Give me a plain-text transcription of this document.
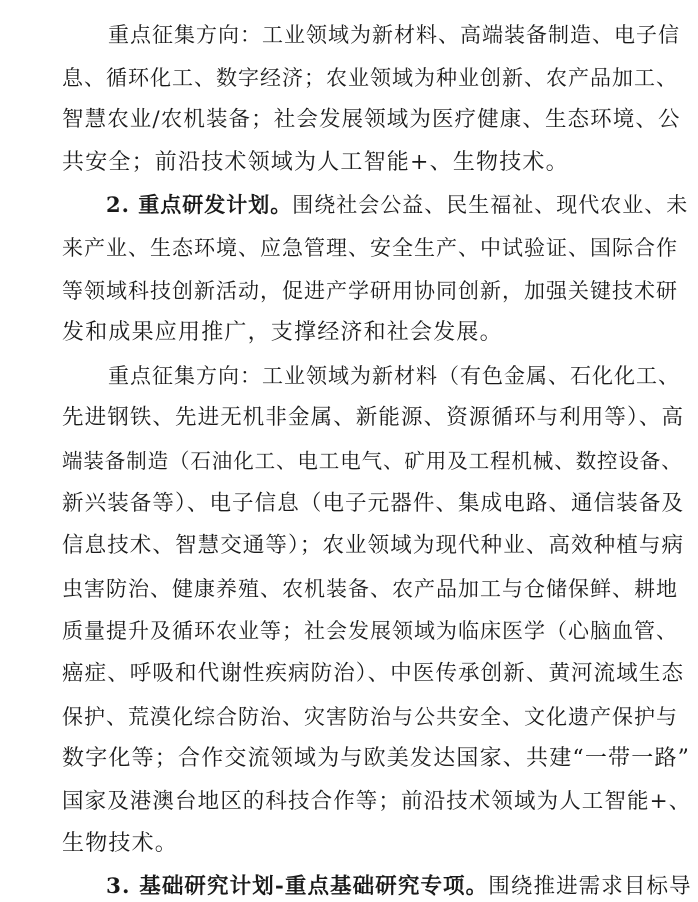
重点征集方向：工业领域为新材料、高端装备制造、电子信
息、循环化工、数字经济；农业领域为种业创新、农产品加工、
智慧农业/农机装备；社会发展领域为医疗健康、生态环境、公
共安全；前沿技术领域为人工智能+、生物技术。
2. 重点研发计划。围绕社会公益、民生福祉、现代农业、未
来产业、生态环境、应急管理、安全生产、中试验证、国际合作
等领域科技创新活动，促进产学研用协同创新，加强关键技术研
发和成果应用推广，支撑经济和社会发展。
重点征集方向：工业领域为新材料（有色金属、石化化工、
先进钢铁、先进无机非金属、新能源、资源循环与利用等）、高
端装备制造（石油化工、电工电气、矿用及工程机械、数控设备、
新兴装备等）、电子信息（电子元器件、集成电路、通信装备及
信息技术、智慧交通等）；农业领域为现代种业、高效种植与病
虫害防治、健康养殖、农机装备、农产品加工与仓储保鲜、耕地
质量提升及循环农业等；社会发展领域为临床医学（心脑血管、
癌症、呼吸和代谢性疾病防治）、中医传承创新、黄河流域生态
保护、荒漠化综合防治、灾害防治与公共安全、文化遗产保护与
数字化等；合作交流领域为与欧美发达国家、共建“一带一路”
国家及港澳台地区的科技合作等；前沿技术领域为人工智能+、
生物技术。
3. 基础研究计划-重点基础研究专项。围绕推进需求目标导
